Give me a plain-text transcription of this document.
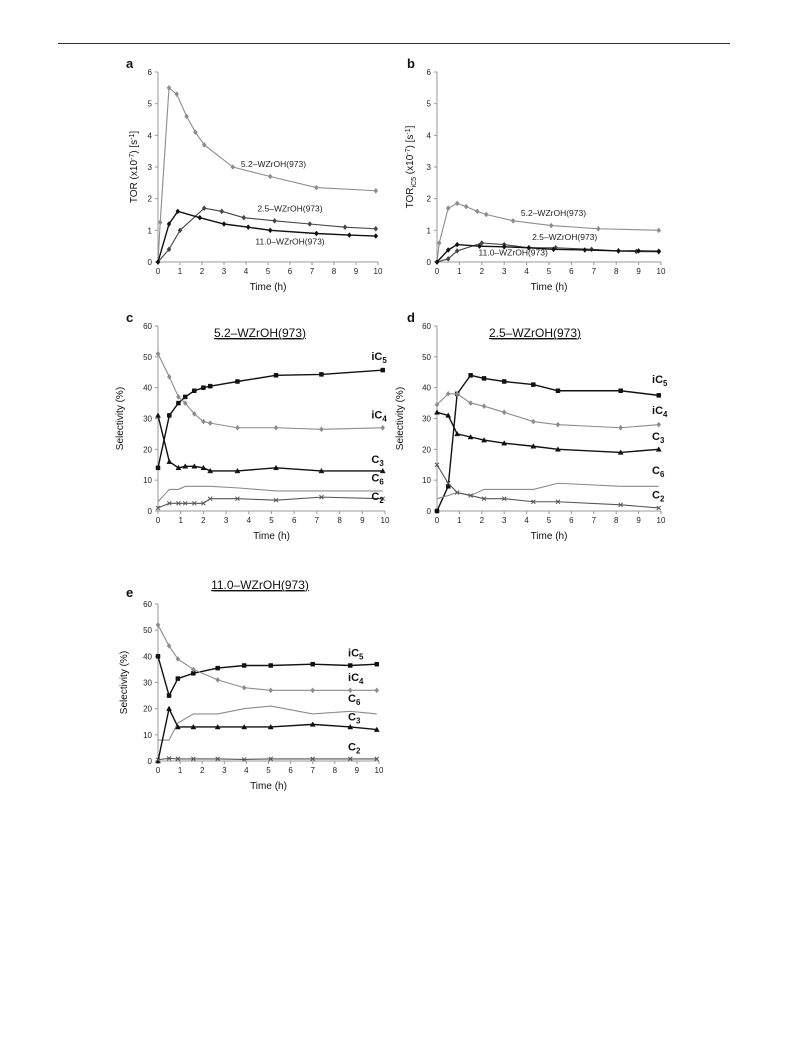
a
0
1
2
3
4
5
6
0 1 2 3 4 5 6 7 8 9 10
Time (h)
TOR $(x10^{-7})$ $[s^{-1}]$
5.2–WZrOH(973)
2.5–WZrOH(973)
11.0–WZrOH(973)
b
0
1
2
3
4
5
6
0 1 2 3 4 5 6 7 8 9 10
Time (h)
$TOR_{iC5}$ $(x10^{-7})$ $[s^{-1}]$
5.2–WZrOH(973)
2.5–WZrOH(973)
11.0–WZrOH(973)
c
0
10
20
30
40
50
60
0 1 2 3 4 5 6 7 8 9 10
Time (h)
Selectivity (%)
5.2–WZrOH(973)
$iC_5$
$iC_4$
$C_3$
$C_6$
$C_2$
d
0
10
20
30
40
50
60
0 1 2 3 4 5 6 7 8 9 10
Time (h)
Selectivity (%)
2.5–WZrOH(973)
$iC_5$
$iC_4$
$C_3$
$C_6$
$C_2$
e
0
10
20
30
40
50
60
0 1 2 3 4 5 6 7 8 9 10
Time (h)
Selectivity (%)
11.0–WZrOH(973)
$iC_5$
$iC_4$
$C_6$
$C_3$
$C_2$
